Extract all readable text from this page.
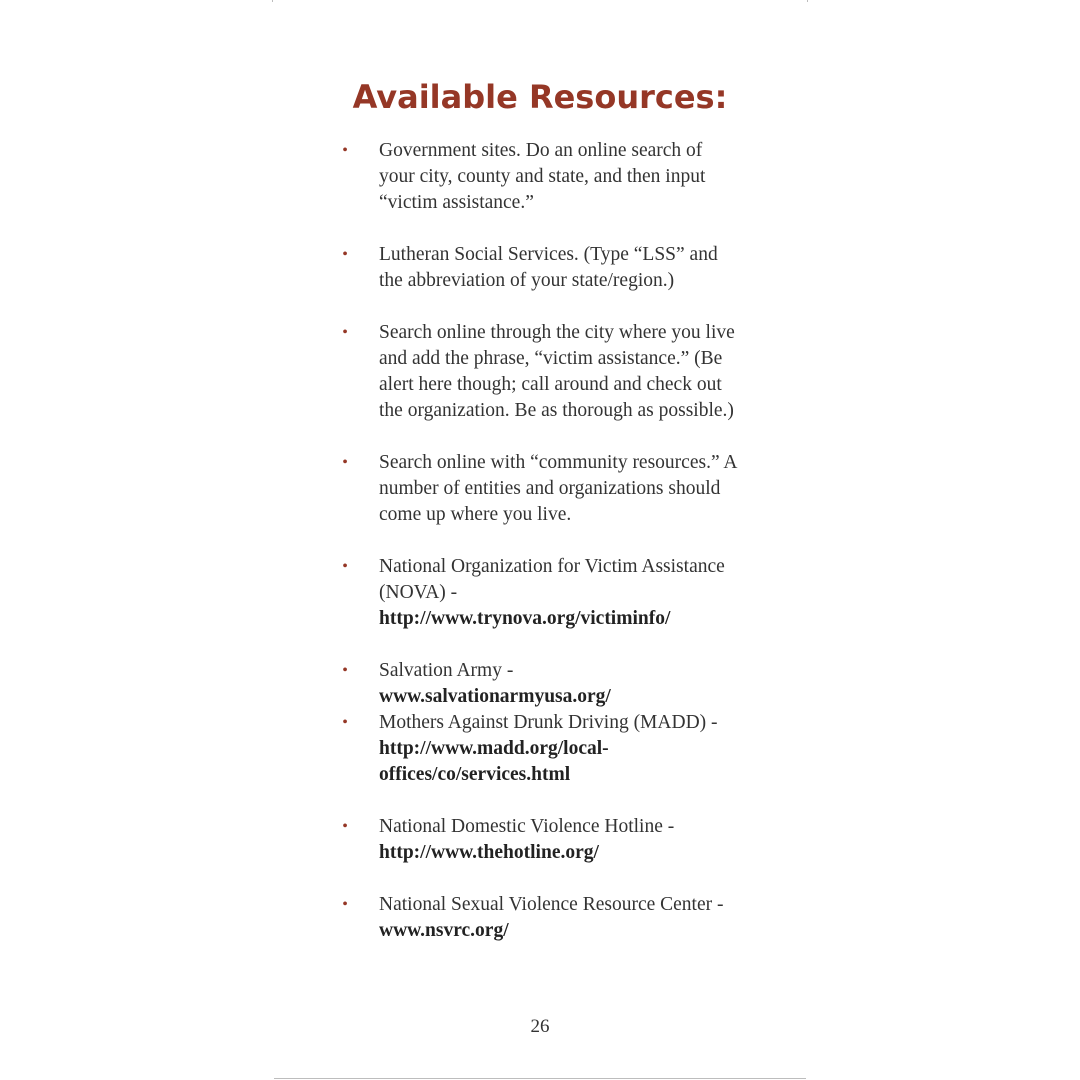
Available Resources:
• Government sites. Do an online search of your city, county and state, and then input “victim assistance.”
• Lutheran Social Services. (Type “LSS” and the abbreviation of your state/region.)
• Search online through the city where you live and add the phrase, “victim assistance.” (Be alert here though; call around and check out the organization. Be as thorough as possible.)
• Search online with “community resources.” A number of entities and organizations should come up where you live.
• National Organization for Victim Assistance (NOVA) - http://www.trynova.org/victiminfo/
• Salvation Army -
www.salvationarmyusa.org/
• Mothers Against Drunk Driving (MADD) - http://www.madd.org/local-offices/co/services.html
• National Domestic Violence Hotline -
http://www.thehotline.org/
• National Sexual Violence Resource Center - www.nsvrc.org/
26
